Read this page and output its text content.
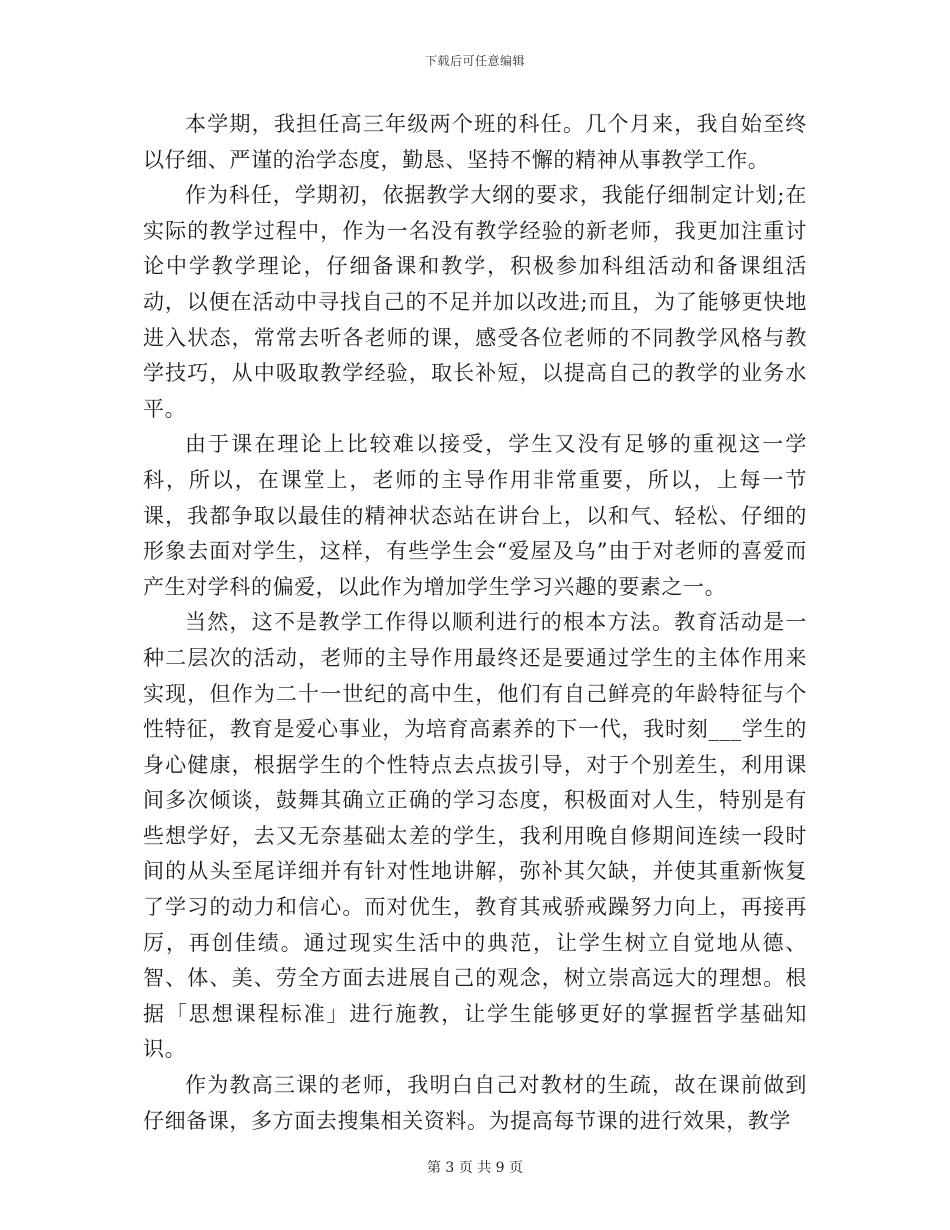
下载后可任意编辑

本学期，我担任高三年级两个班的科任。几个月来，我自始至终以仔细、严谨的治学态度，勤恳、坚持不懈的精神从事教学工作。

作为科任，学期初，依据教学大纲的要求，我能仔细制定计划;在实际的教学过程中，作为一名没有教学经验的新老师，我更加注重讨论中学教学理论，仔细备课和教学，积极参加科组活动和备课组活动，以便在活动中寻找自己的不足并加以改进;而且，为了能够更快地进入状态，常常去听各老师的课，感受各位老师的不同教学风格与教学技巧，从中吸取教学经验，取长补短，以提高自己的教学的业务水平。

由于课在理论上比较难以接受，学生又没有足够的重视这一学科，所以，在课堂上，老师的主导作用非常重要，所以，上每一节课，我都争取以最佳的精神状态站在讲台上，以和气、轻松、仔细的形象去面对学生，这样，有些学生会“爱屋及乌”由于对老师的喜爱而产生对学科的偏爱，以此作为增加学生学习兴趣的要素之一。

当然，这不是教学工作得以顺利进行的根本方法。教育活动是一种二层次的活动，老师的主导作用最终还是要通过学生的主体作用来实现，但作为二十一世纪的高中生，他们有自己鲜亮的年龄特征与个性特征，教育是爱心事业，为培育高素养的下一代，我时刻___学生的身心健康，根据学生的个性特点去点拔引导，对于个别差生，利用课间多次倾谈，鼓舞其确立正确的学习态度，积极面对人生，特别是有些想学好，去又无奈基础太差的学生，我利用晚自修期间连续一段时间的从头至尾详细并有针对性地讲解，弥补其欠缺，并使其重新恢复了学习的动力和信心。而对优生，教育其戒骄戒躁努力向上，再接再厉，再创佳绩。通过现实生活中的典范，让学生树立自觉地从德、智、体、美、劳全方面去进展自己的观念，树立崇高远大的理想。根据「思想课程标准」进行施教，让学生能够更好的掌握哲学基础知识。

作为教高三课的老师，我明白自己对教材的生疏，故在课前做到仔细备课，多方面去搜集相关资料。为提高每节课的进行效果，教学

第 3 页 共 9 页
